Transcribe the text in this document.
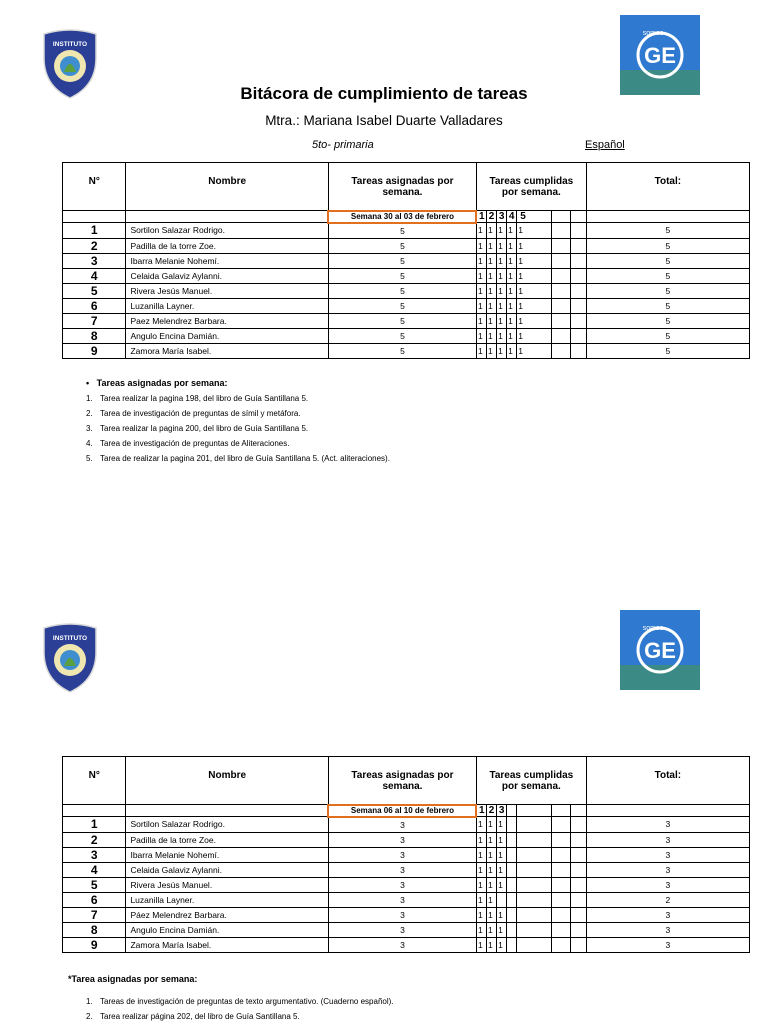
INSTITUTO	GE
somos
Bitácora de cumplimiento de tareas
Mtra.: Mariana Isabel Duarte Valladares
5to- primaria	Español
N°	Nombre	Tareas asignadas por semana.	Tareas cumplidas por semana.							Total:
		Semana 30 al 03 de febrero	1	2	3	4	5			
1	Sortilon Salazar Rodrigo.	5	1	1	1	1	1			5
2	Padilla de la torre Zoe.	5	1	1	1	1	1			5
3	Ibarra Melanie Nohemí.	5	1	1	1	1	1			5
4	Celaida Galaviz Aylanni.	5	1	1	1	1	1			5
5	Rivera Jesús Manuel.	5	1	1	1	1	1			5
6	Luzanilla Layner.	5	1	1	1	1	1			5
7	Paez Melendrez Barbara.	5	1	1	1	1	1			5
8	Angulo Encina Damián.	5	1	1	1	1	1			5
9	Zamora María Isabel.	5	1	1	1	1	1			5
•   Tareas asignadas por semana:
1. Tarea realizar la pagina 198, del libro de Guía Santillana 5.
2. Tarea de investigación de preguntas de símil y metáfora.
3. Tarea realizar la pagina 200, del libro de Guía Santillana 5.
4. Tarea de investigación de preguntas de Aliteraciones.
5. Tarea de realizar la pagina 201, del libro de Guía Santillana 5. (Act. aliteraciones).
INSTITUTO	GE
somos
N°	Nombre	Tareas asignadas por semana.	Tareas cumplidas por semana.							Total:
		Semana 06 al 10 de febrero	1	2	3					
1	Sortilon Salazar Rodrigo.	3	1	1	1					3
2	Padilla de la torre Zoe.	3	1	1	1					3
3	Ibarra Melanie Nohemí.	3	1	1	1					3
4	Celaida Galaviz Aylanni.	3	1	1	1					3
5	Rivera Jesús Manuel.	3	1	1	1					3
6	Luzanilla Layner.	3	1	1						2
7	Páez Melendrez Barbara.	3	1	1	1					3
8	Angulo Encina Damián.	3	1	1	1					3
9	Zamora María Isabel.	3	1	1	1					3
*Tarea asignadas por semana:
1. Tareas de investigación de preguntas de texto argumentativo. (Cuaderno español).
2. Tarea realizar página 202, del libro de Guía Santillana 5.
